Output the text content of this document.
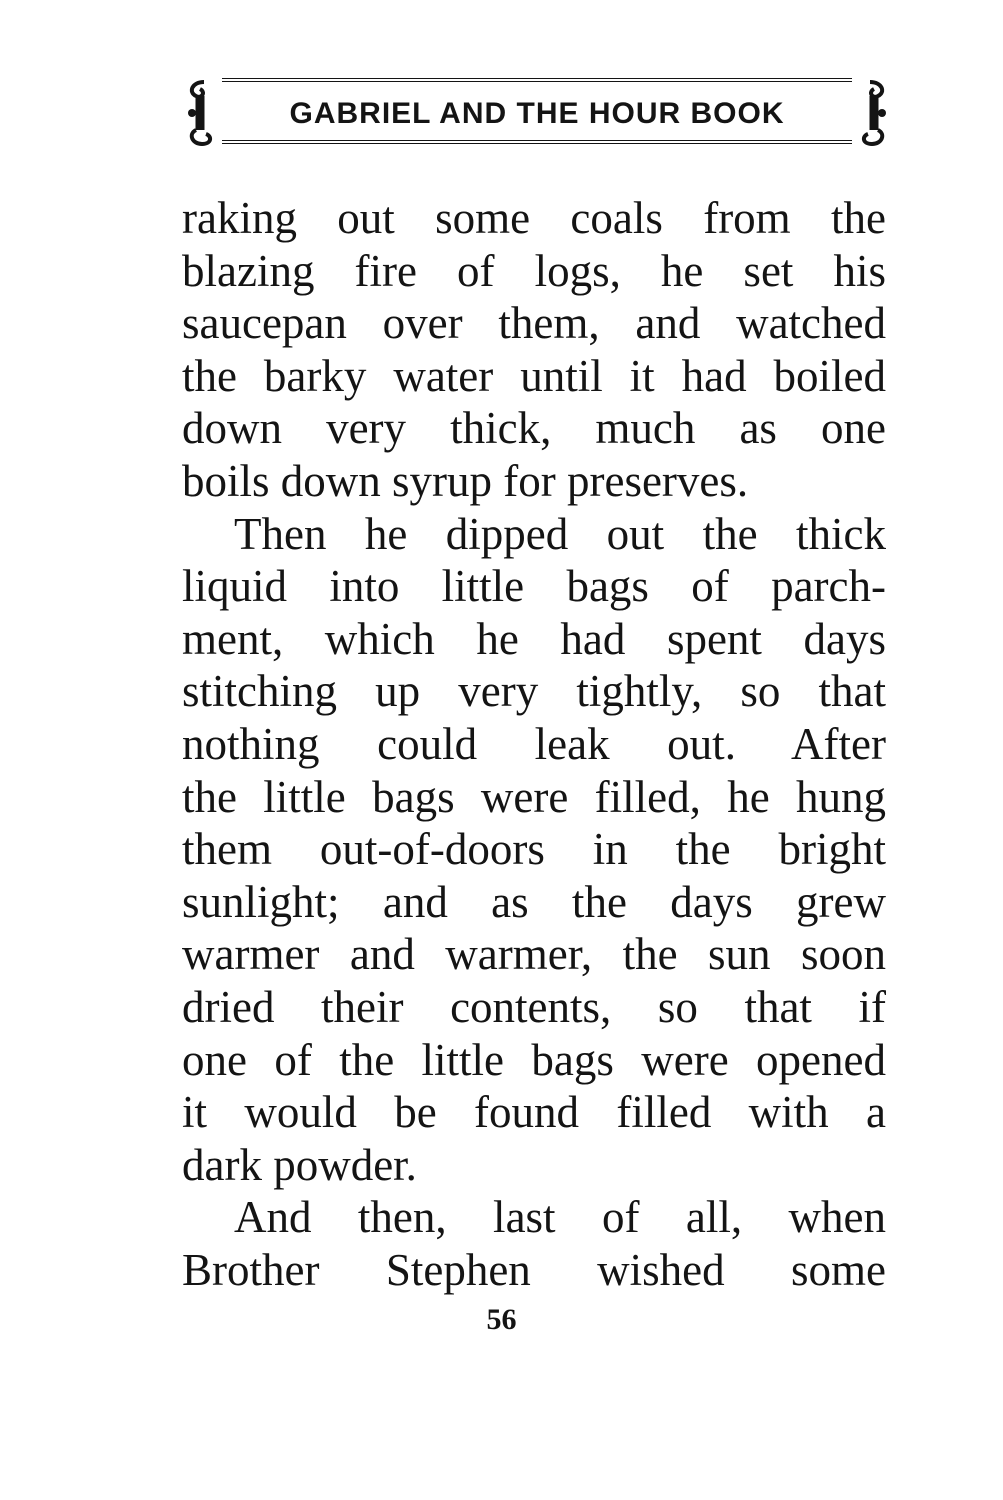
GABRIEL AND THE HOUR BOOK
raking out some coals from the
blazing fire of logs, he set his
saucepan over them, and watched
the barky water until it had boiled
down very thick, much as one
boils down syrup for preserves.
Then he dipped out the thick
liquid into little bags of parch-
ment, which he had spent days
stitching up very tightly, so that
nothing could leak out. After
the little bags were filled, he hung
them out-of-doors in the bright
sunlight; and as the days grew
warmer and warmer, the sun soon
dried their contents, so that if
one of the little bags were opened
it would be found filled with a
dark powder.
And then, last of all, when
Brother Stephen wished some
56
